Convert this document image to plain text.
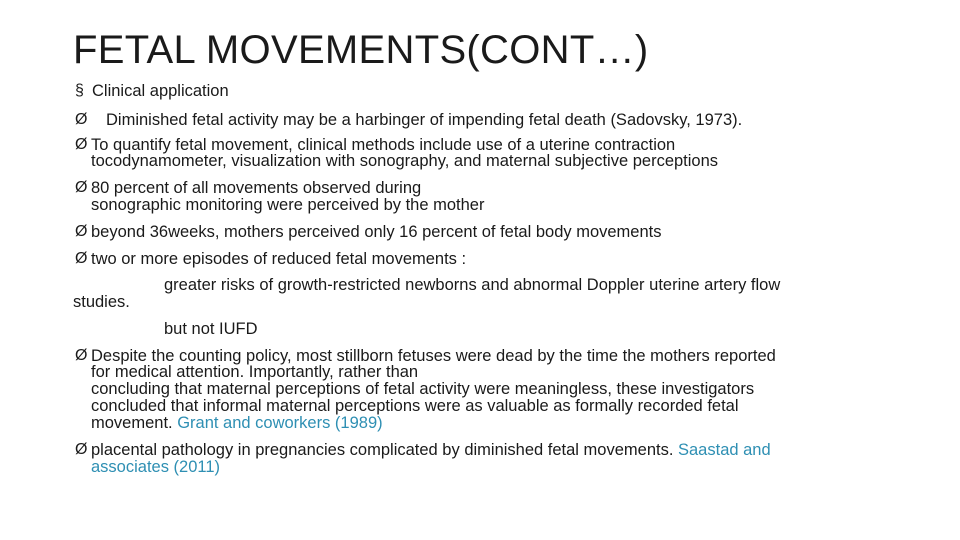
FETAL MOVEMENTS(CONT…)
§ Clinical application
Ø Diminished fetal activity may be a harbinger of impending fetal death (Sadovsky, 1973).
Ø To quantify fetal movement, clinical methods include use of a uterine contraction
tocodynamometer, visualization with sonography, and maternal subjective perceptions
Ø 80 percent of all movements observed during
sonographic monitoring were perceived by the mother
Ø beyond 36weeks, mothers perceived only 16 percent of fetal body movements
Ø two or more episodes of reduced fetal movements :
greater risks of growth-restricted newborns and abnormal Doppler uterine artery flow
studies.
but not IUFD
Ø Despite the counting policy, most stillborn fetuses were dead by the time the mothers reported
for medical attention. Importantly, rather than
concluding that maternal perceptions of fetal activity were meaningless, these investigators
concluded that informal maternal perceptions were as valuable as formally recorded fetal
movement. Grant and coworkers (1989)
Ø placental pathology in pregnancies complicated by diminished fetal movements. Saastad and
associates (2011)
